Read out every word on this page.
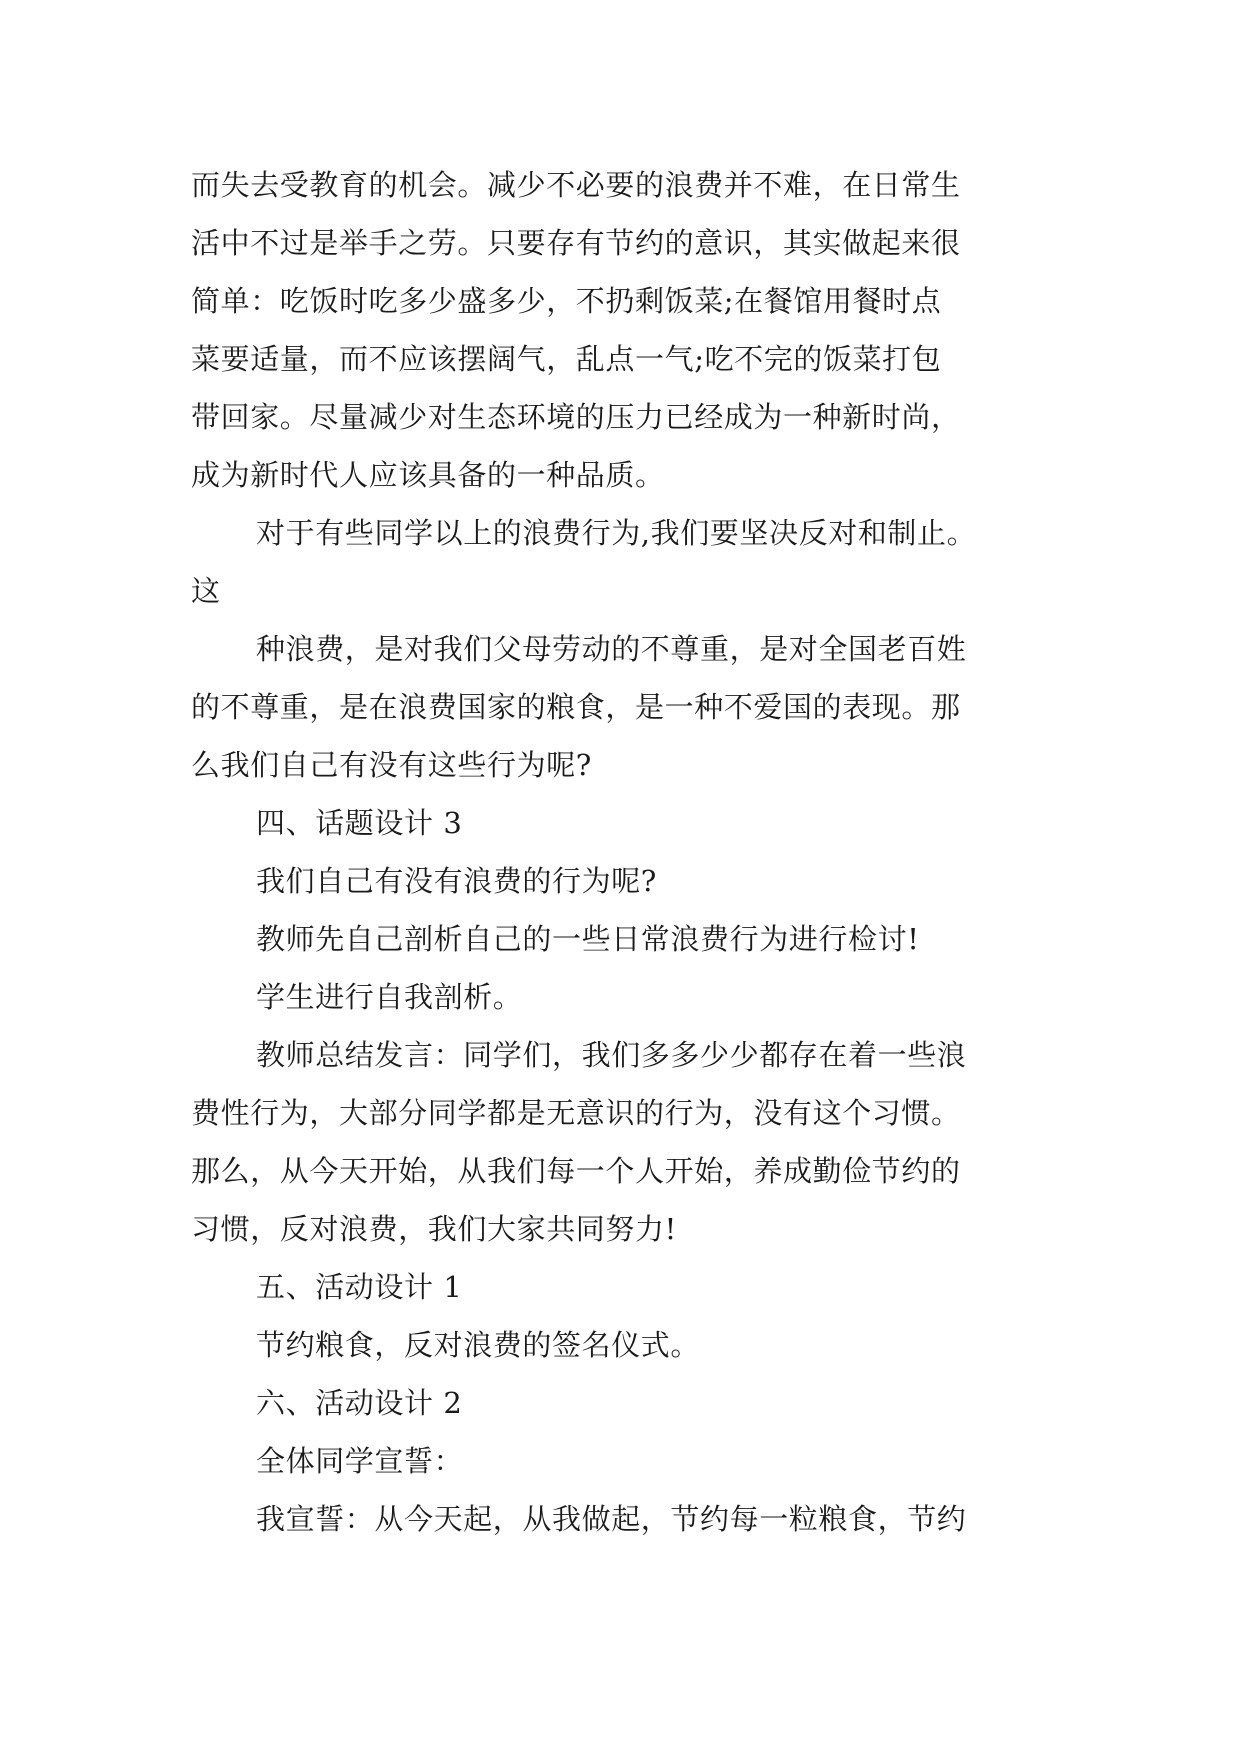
而失去受教育的机会。减少不必要的浪费并不难，在日常生
活中不过是举手之劳。只要存有节约的意识，其实做起来很
简单：吃饭时吃多少盛多少，不扔剩饭菜;在餐馆用餐时点
菜要适量，而不应该摆阔气，乱点一气;吃不完的饭菜打包
带回家。尽量减少对生态环境的压力已经成为一种新时尚，
成为新时代人应该具备的一种品质。
对于有些同学以上的浪费行为,我们要坚决反对和制止。
这
种浪费，是对我们父母劳动的不尊重，是对全国老百姓
的不尊重，是在浪费国家的粮食，是一种不爱国的表现。那
么我们自己有没有这些行为呢?
四、话题设计 3
我们自己有没有浪费的行为呢?
教师先自己剖析自己的一些日常浪费行为进行检讨!
学生进行自我剖析。
教师总结发言：同学们，我们多多少少都存在着一些浪
费性行为，大部分同学都是无意识的行为，没有这个习惯。
那么，从今天开始，从我们每一个人开始，养成勤俭节约的
习惯，反对浪费，我们大家共同努力!
五、活动设计 1
节约粮食，反对浪费的签名仪式。
六、活动设计 2
全体同学宣誓：
我宣誓：从今天起，从我做起，节约每一粒粮食，节约
